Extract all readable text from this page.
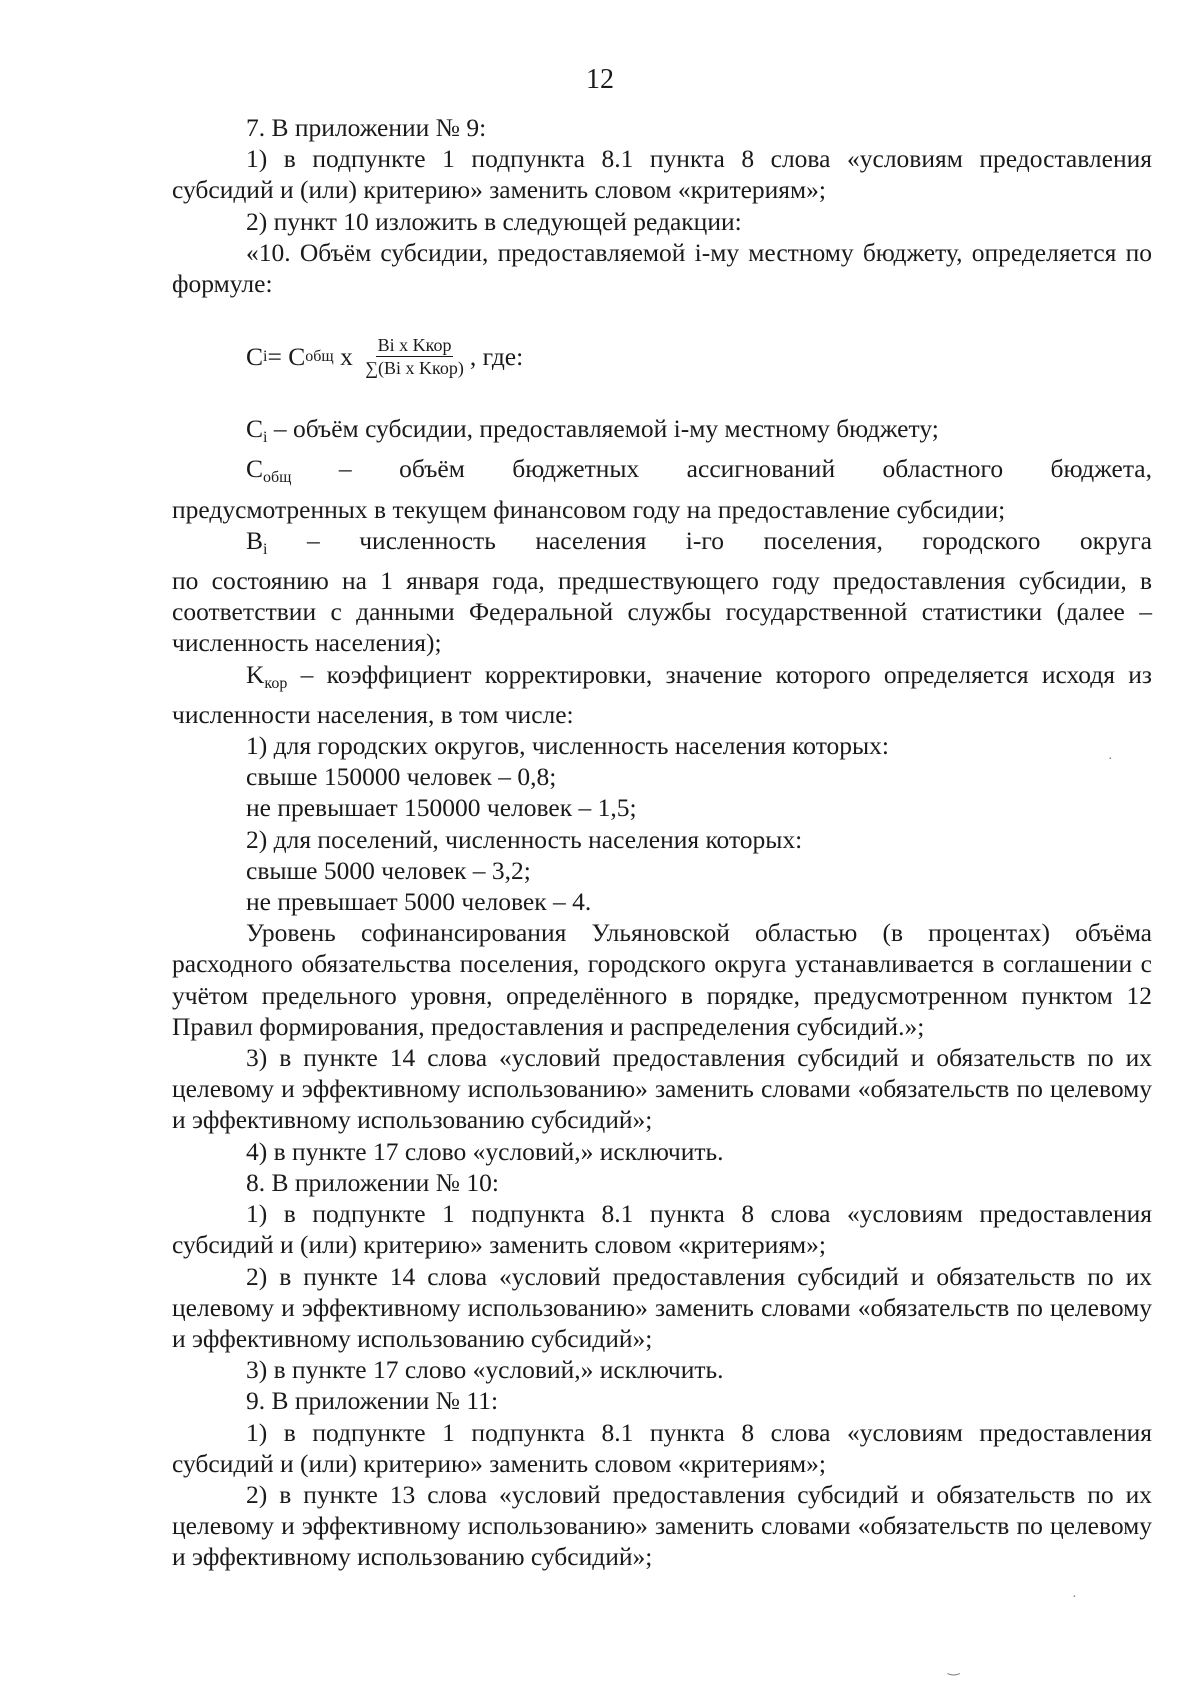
12

7. В приложении № 9:

1) в подпункте 1 подпункта 8.1 пункта 8 слова «условиям предоставления субсидий и (или) критерию» заменить словом «критериям»;

2) пункт 10 изложить в следующей редакции:

«10. Объём субсидии, предоставляемой i-му местному бюджету, определяется по формуле:

C i = C общ x $\frac{\text{Bi x Kкор}}{\text{∑(Bi x Kкор)}}$ , где:

$C_i$ – объём субсидии, предоставляемой i-му местному бюджету;

$C_{общ}$ – объём бюджетных ассигнований областного бюджета,

предусмотренных в текущем финансовом году на предоставление субсидии;

$B_i$ – численность населения i-го поселения, городского округа

по состоянию на 1 января года, предшествующего году предоставления субсидии, в соответствии с данными Федеральной службы государственной статистики (далее – численность населения);

$K_{кор}$ – коэффициент корректировки, значение которого определяется исходя из численности населения, в том числе:

1) для городских округов, численность населения которых:

свыше 150000 человек – 0,8;

не превышает 150000 человек – 1,5;

2) для поселений, численность населения которых:

свыше 5000 человек – 3,2;

не превышает 5000 человек – 4.

Уровень софинансирования Ульяновской областью (в процентах) объёма расходного обязательства поселения, городского округа устанавливается в соглашении с учётом предельного уровня, определённого в порядке, предусмотренном пунктом 12 Правил формирования, предоставления и распределения субсидий.»;

3) в пункте 14 слова «условий предоставления субсидий и обязательств по их целевому и эффективному использованию» заменить словами «обязательств по целевому и эффективному использованию субсидий»;

4) в пункте 17 слово «условий,» исключить.

8. В приложении № 10:

1) в подпункте 1 подпункта 8.1 пункта 8 слова «условиям предоставления субсидий и (или) критерию» заменить словом «критериям»;

2) в пункте 14 слова «условий предоставления субсидий и обязательств по их целевому и эффективному использованию» заменить словами «обязательств по целевому и эффективному использованию субсидий»;

3) в пункте 17 слово «условий,» исключить.

9. В приложении № 11:

1) в подпункте 1 подпункта 8.1 пункта 8 слова «условиям предоставления субсидий и (или) критерию» заменить словом «критериям»;

2) в пункте 13 слова «условий предоставления субсидий и обязательств по их целевому и эффективному использованию» заменить словами «обязательств по целевому и эффективному использованию субсидий»;

·
·
‿
